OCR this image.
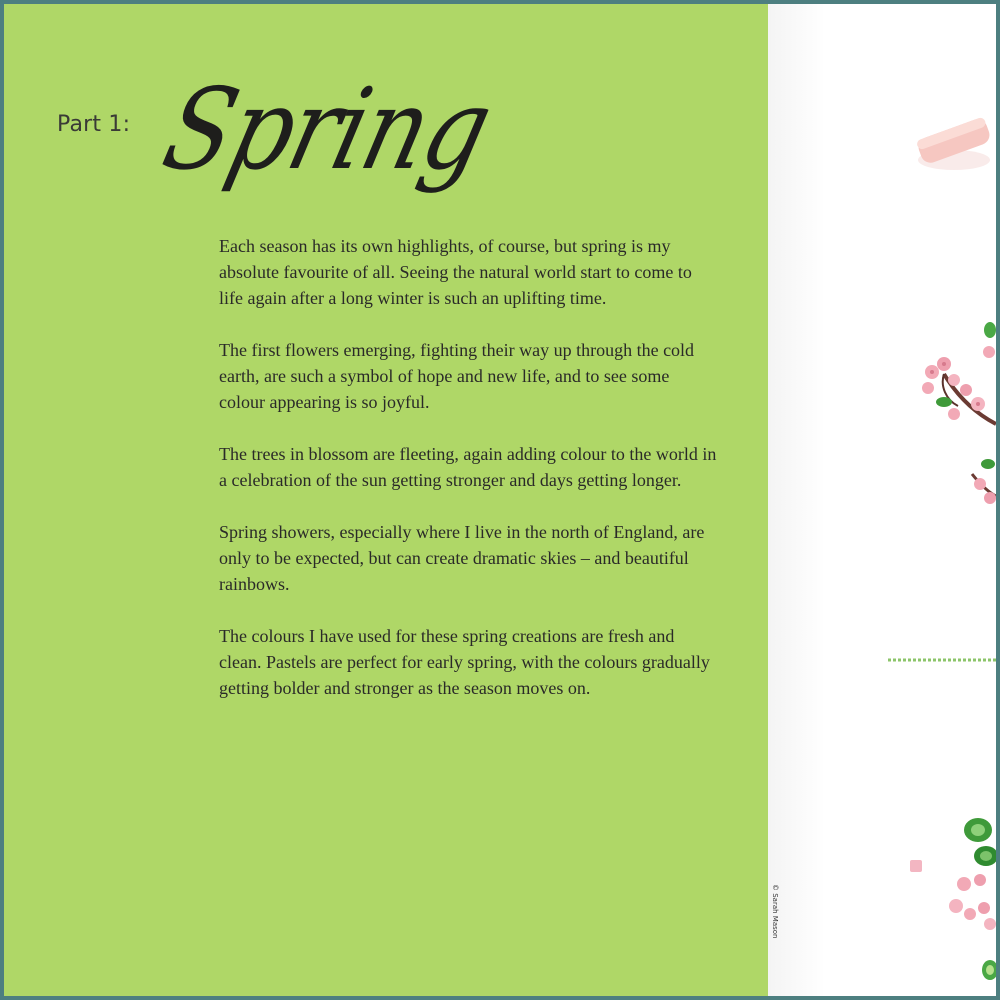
Part 1: Spring

Each season has its own highlights, of course, but spring is my absolute favourite of all. Seeing the natural world start to come to life again after a long winter is such an uplifting time.

The first flowers emerging, fighting their way up through the cold earth, are such a symbol of hope and new life, and to see some colour appearing is so joyful.

The trees in blossom are fleeting, again adding colour to the world in a celebration of the sun getting stronger and days getting longer.

Spring showers, especially where I live in the north of England, are only to be expected, but can create dramatic skies – and beautiful rainbows.

The colours I have used for these spring creations are fresh and clean. Pastels are perfect for early spring, with the colours gradually getting bolder and stronger as the season moves on.

© Sarah Mason
